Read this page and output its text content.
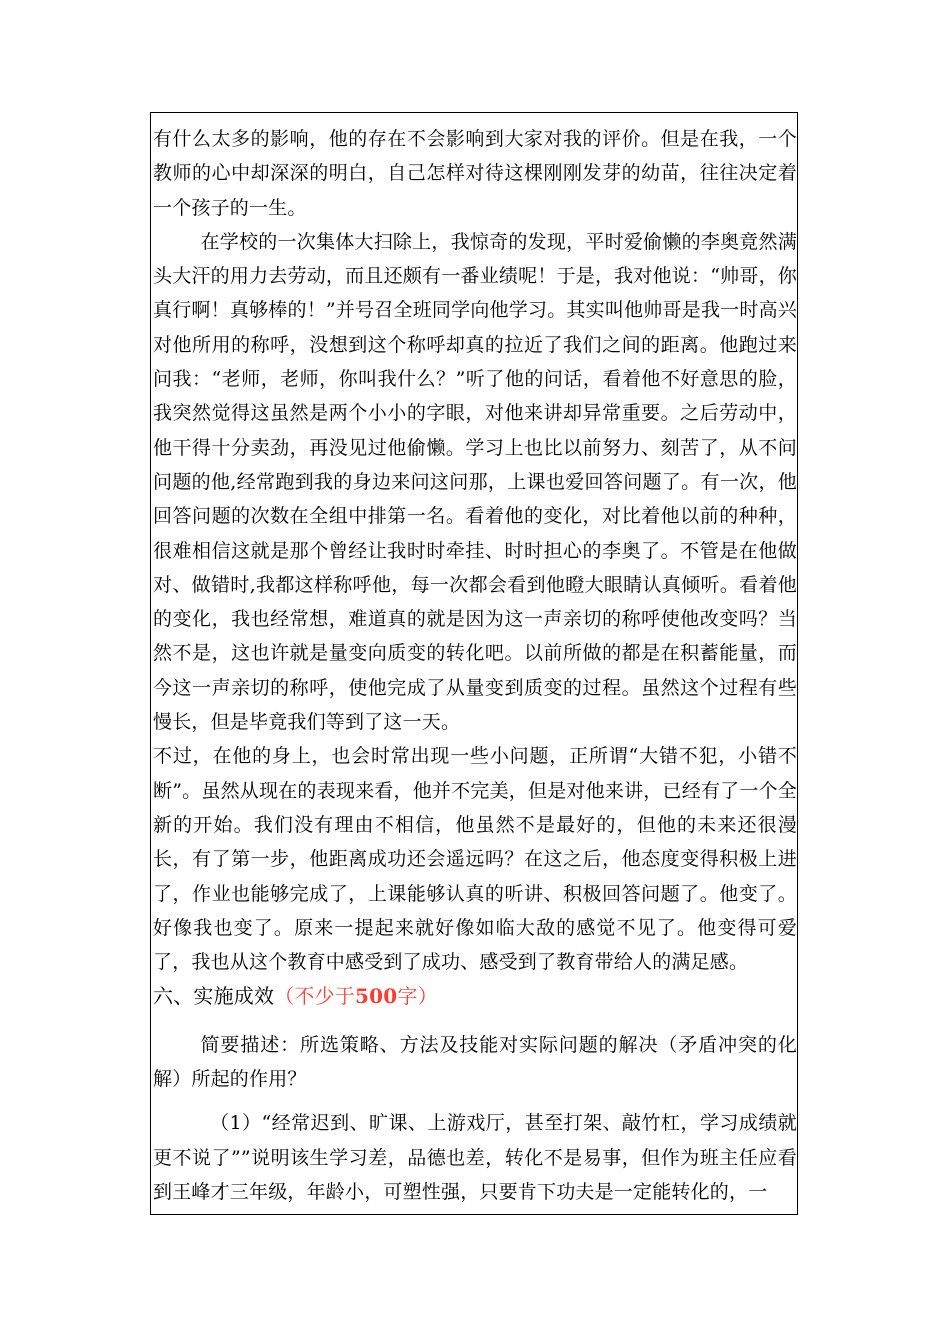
有什么太多的影响，他的存在不会影响到大家对我的评价。但是在我，一个教师的心中却深深的明白，自己怎样对待这棵刚刚发芽的幼苗，往往决定着一个孩子的一生。

在学校的一次集体大扫除上，我惊奇的发现，平时爱偷懒的李奥竟然满头大汗的用力去劳动，而且还颇有一番业绩呢！于是，我对他说：“帅哥，你真行啊！真够棒的！”并号召全班同学向他学习。其实叫他帅哥是我一时高兴对他所用的称呼，没想到这个称呼却真的拉近了我们之间的距离。他跑过来问我：“老师，老师，你叫我什么？”听了他的问话，看着他不好意思的脸，我突然觉得这虽然是两个小小的字眼，对他来讲却异常重要。之后劳动中，他干得十分卖劲，再没见过他偷懒。学习上也比以前努力、刻苦了，从不问问题的他,经常跑到我的身边来问这问那，上课也爱回答问题了。有一次，他回答问题的次数在全组中排第一名。看着他的变化，对比着他以前的种种，很难相信这就是那个曾经让我时时牵挂、时时担心的李奥了。不管是在他做对、做错时,我都这样称呼他，每一次都会看到他瞪大眼睛认真倾听。看着他的变化，我也经常想，难道真的就是因为这一声亲切的称呼使他改变吗？当然不是，这也许就是量变向质变的转化吧。以前所做的都是在积蓄能量，而今这一声亲切的称呼，使他完成了从量变到质变的过程。虽然这个过程有些慢长，但是毕竟我们等到了这一天。

不过，在他的身上，也会时常出现一些小问题，正所谓“大错不犯，小错不断”。虽然从现在的表现来看，他并不完美，但是对他来讲，已经有了一个全新的开始。我们没有理由不相信，他虽然不是最好的，但他的未来还很漫长，有了第一步，他距离成功还会遥远吗？在这之后，他态度变得积极上进了，作业也能够完成了，上课能够认真的听讲、积极回答问题了。他变了。好像我也变了。原来一提起来就好像如临大敌的感觉不见了。他变得可爱了，我也从这个教育中感受到了成功、感受到了教育带给人的满足感。

六、实施成效（不少于500字）

简要描述：所选策略、方法及技能对实际问题的解决（矛盾冲突的化解）所起的作用？

（1）“经常迟到、旷课、上游戏厅，甚至打架、敲竹杠，学习成绩就更不说了””说明该生学习差，品德也差，转化不是易事，但作为班主任应看到王峰才三年级，年龄小，可塑性强，只要肯下功夫是一定能转化的，一
